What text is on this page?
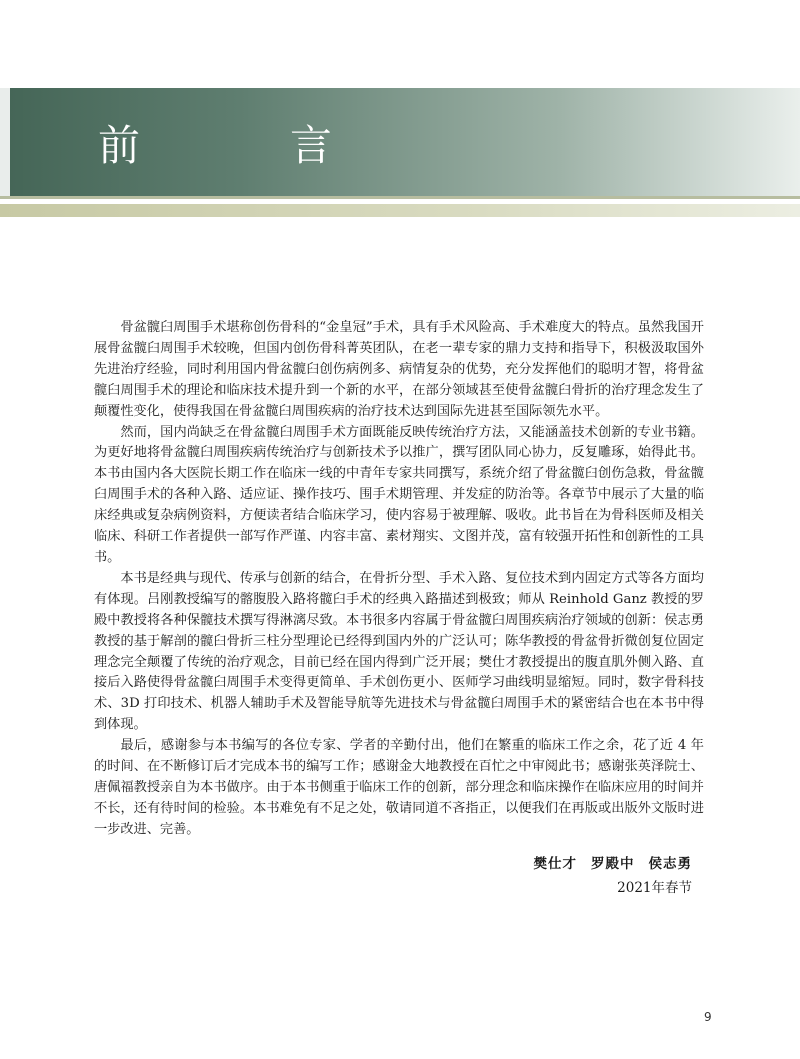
前　言

骨盆髋臼周围手术堪称创伤骨科的“金皇冠”手术，具有手术风险高、手术难度大的特点。虽然我国开展骨盆髋臼周围手术较晚，但国内创伤骨科菁英团队，在老一辈专家的鼎力支持和指导下，积极汲取国外先进治疗经验，同时利用国内骨盆髋臼创伤病例多、病情复杂的优势，充分发挥他们的聪明才智，将骨盆髋臼周围手术的理论和临床技术提升到一个新的水平，在部分领域甚至使骨盆髋臼骨折的治疗理念发生了颠覆性变化，使得我国在骨盆髋臼周围疾病的治疗技术达到国际先进甚至国际领先水平。

然而，国内尚缺乏在骨盆髋臼周围手术方面既能反映传统治疗方法，又能涵盖技术创新的专业书籍。为更好地将骨盆髋臼周围疾病传统治疗与创新技术予以推广，撰写团队同心协力，反复雕琢，始得此书。本书由国内各大医院长期工作在临床一线的中青年专家共同撰写，系统介绍了骨盆髋臼创伤急救，骨盆髋臼周围手术的各种入路、适应证、操作技巧、围手术期管理、并发症的防治等。各章节中展示了大量的临床经典或复杂病例资料，方便读者结合临床学习，使内容易于被理解、吸收。此书旨在为骨科医师及相关临床、科研工作者提供一部写作严谨、内容丰富、素材翔实、文图并茂，富有较强开拓性和创新性的工具书。

本书是经典与现代、传承与创新的结合，在骨折分型、手术入路、复位技术到内固定方式等各方面均有体现。吕刚教授编写的髂腹股入路将髋臼手术的经典入路描述到极致；师从 Reinhold Ganz 教授的罗殿中教授将各种保髋技术撰写得淋漓尽致。本书很多内容属于骨盆髋臼周围疾病治疗领域的创新：侯志勇教授的基于解剖的髋臼骨折三柱分型理论已经得到国内外的广泛认可；陈华教授的骨盆骨折微创复位固定理念完全颠覆了传统的治疗观念，目前已经在国内得到广泛开展；樊仕才教授提出的腹直肌外侧入路、直接后入路使得骨盆髋臼周围手术变得更简单、手术创伤更小、医师学习曲线明显缩短。同时，数字骨科技术、3D 打印技术、机器人辅助手术及智能导航等先进技术与骨盆髋臼周围手术的紧密结合也在本书中得到体现。

最后，感谢参与本书编写的各位专家、学者的辛勤付出，他们在繁重的临床工作之余，花了近 4 年的时间、在不断修订后才完成本书的编写工作；感谢金大地教授在百忙之中审阅此书；感谢张英泽院士、唐佩福教授亲自为本书做序。由于本书侧重于临床工作的创新，部分理念和临床操作在临床应用的时间并不长，还有待时间的检验。本书难免有不足之处，敬请同道不吝指正，以便我们在再版或出版外文版时进一步改进、完善。

樊仕才 罗殿中 侯志勇
2021年春节
9
